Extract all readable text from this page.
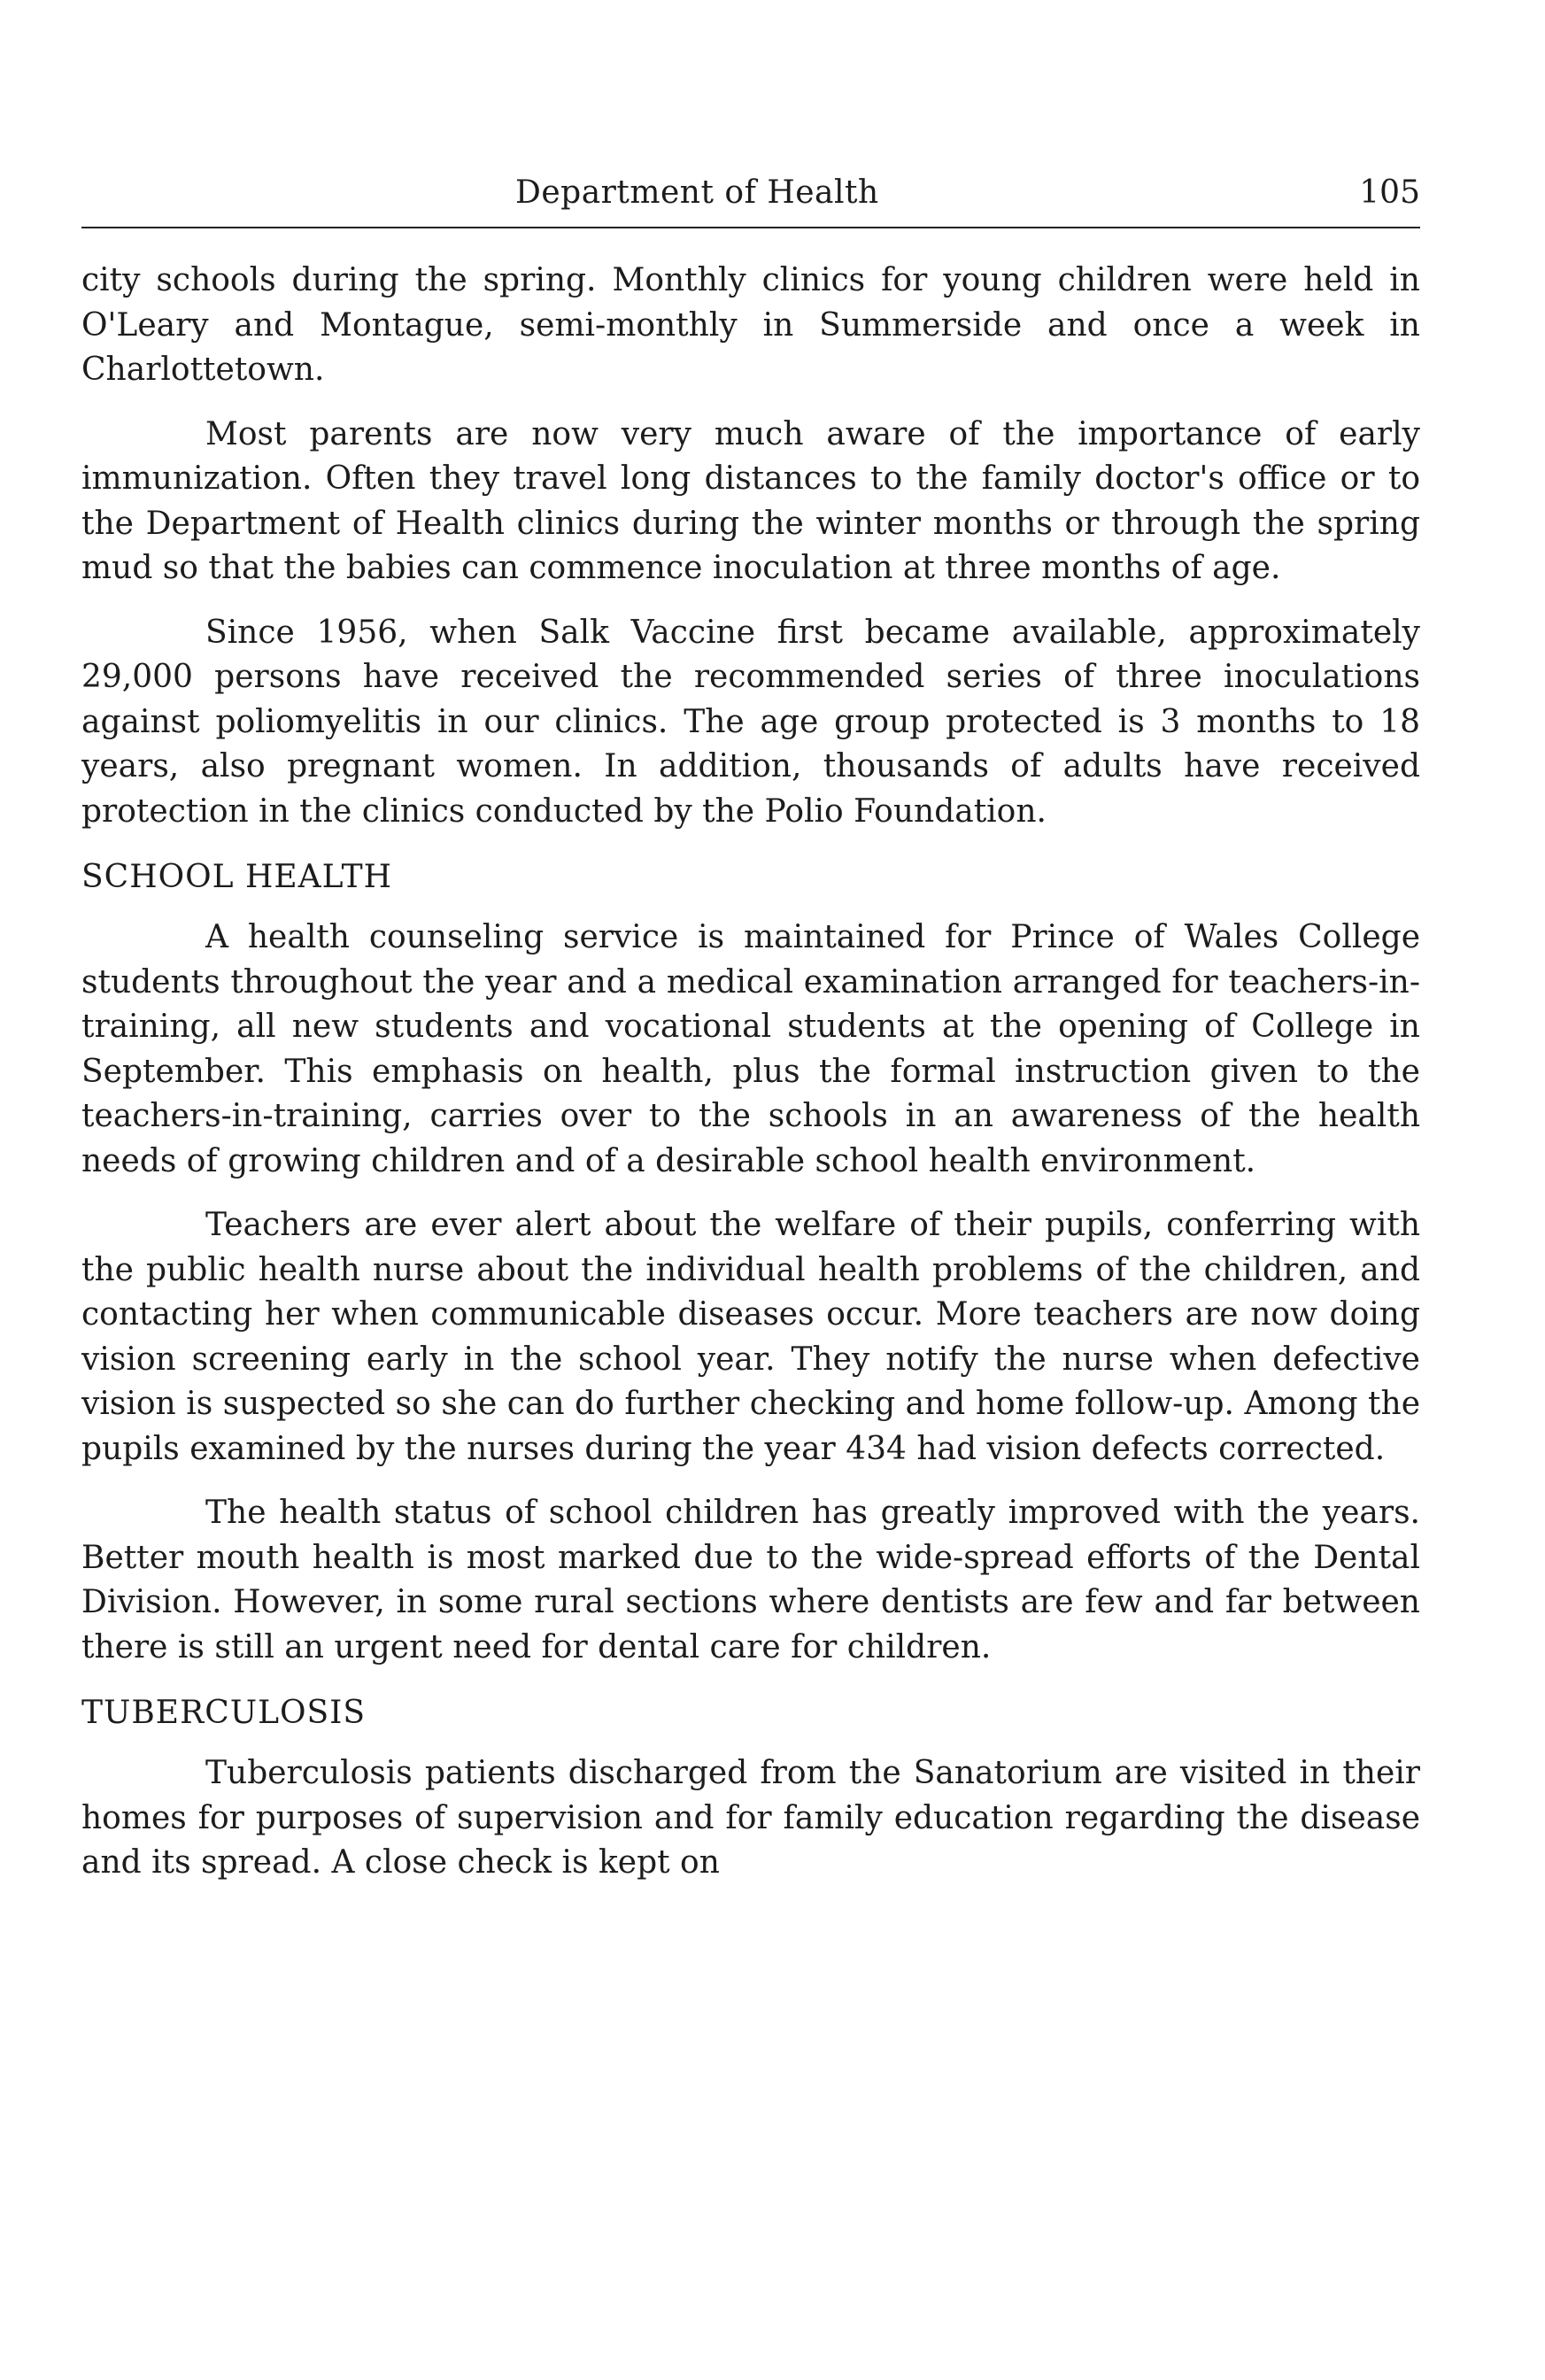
Department of Health	105

city schools during the spring. Monthly clinics for young children were held in O'Leary and Montague, semi-monthly in Summerside and once a week in Charlottetown.

Most parents are now very much aware of the importance of early immunization. Often they travel long distances to the family doctor's office or to the Department of Health clinics during the winter months or through the spring mud so that the babies can commence inoculation at three months of age.

Since 1956, when Salk Vaccine first became available, approximately 29,000 persons have received the recommended series of three inoculations against poliomyelitis in our clinics. The age group protected is 3 months to 18 years, also pregnant women. In addition, thousands of adults have received protection in the clinics conducted by the Polio Foundation.

SCHOOL HEALTH

A health counseling service is maintained for Prince of Wales College students throughout the year and a medical examination arranged for teachers-in-training, all new students and vocational students at the opening of College in September. This emphasis on health, plus the formal instruction given to the teachers-in-training, carries over to the schools in an awareness of the health needs of growing children and of a desirable school health environment.

Teachers are ever alert about the welfare of their pupils, conferring with the public health nurse about the individual health problems of the children, and contacting her when communicable diseases occur. More teachers are now doing vision screening early in the school year. They notify the nurse when defective vision is suspected so she can do further checking and home follow-up. Among the pupils examined by the nurses during the year 434 had vision defects corrected.

The health status of school children has greatly improved with the years. Better mouth health is most marked due to the wide-spread efforts of the Dental Division. However, in some rural sections where dentists are few and far between there is still an urgent need for dental care for children.

TUBERCULOSIS

Tuberculosis patients discharged from the Sanatorium are visited in their homes for purposes of supervision and for family education regarding the disease and its spread. A close check is kept on
